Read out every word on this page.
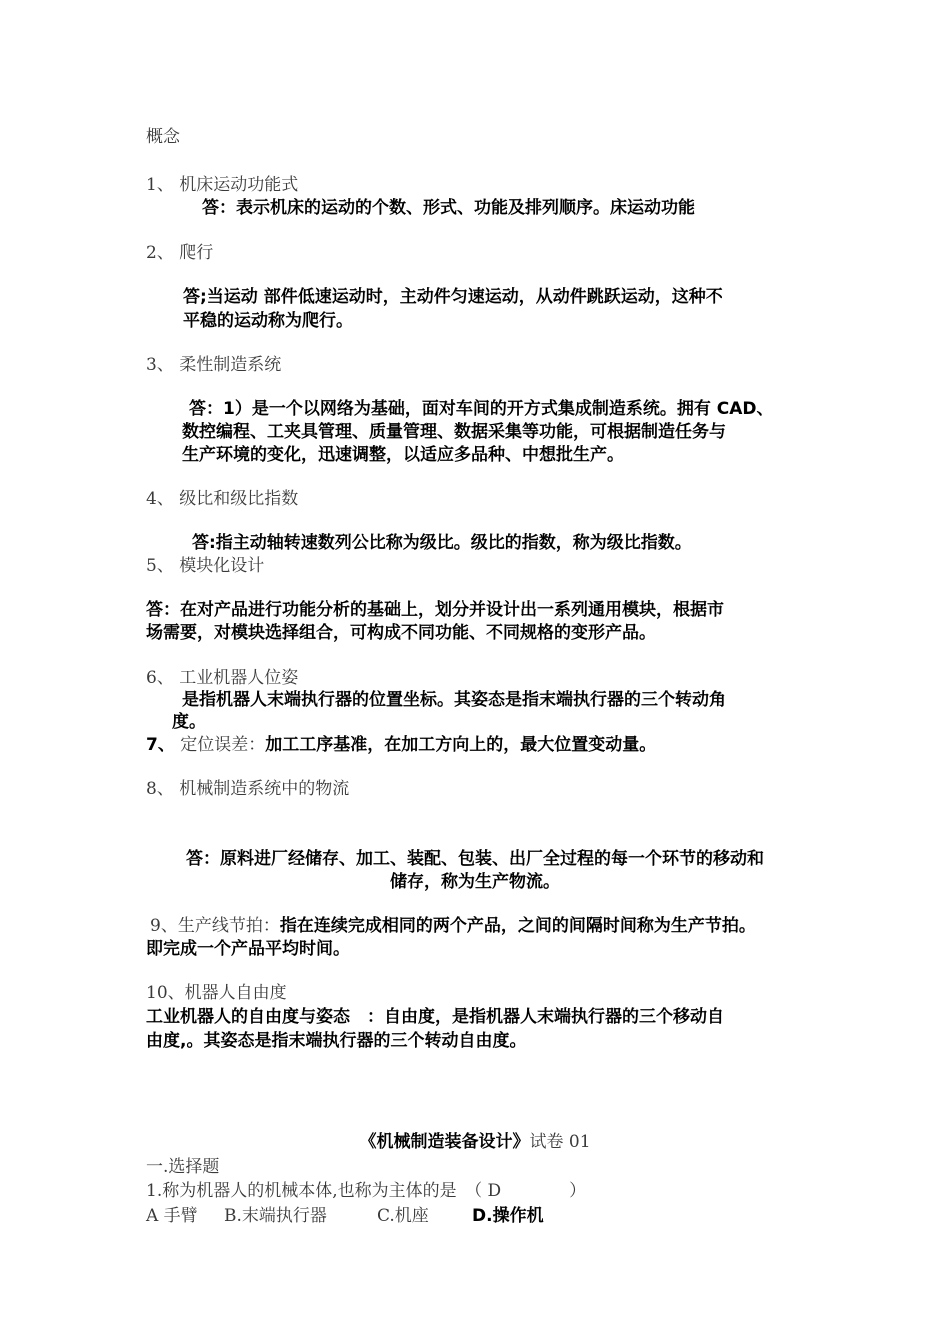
概念
1、 机床运动功能式
答：表示机床的运动的个数、形式、功能及排列顺序。床运动功能
2、 爬行
答;当运动 部件低速运动时，主动件匀速运动，从动件跳跃运动，这种不
平稳的运动称为爬行。
3、 柔性制造系统
答：1）是一个以网络为基础，面对车间的开方式集成制造系统。拥有 CAD、
数控编程、工夹具管理、质量管理、数据采集等功能，可根据制造任务与
生产环境的变化，迅速调整，以适应多品种、中想批生产。
4、 级比和级比指数
答:指主动轴转速数列公比称为级比。级比的指数，称为级比指数。
5、 模块化设计
答：在对产品进行功能分析的基础上，划分并设计出一系列通用模块，根据市
场需要，对模块选择组合，可构成不同功能、不同规格的变形产品。
6、 工业机器人位姿
是指机器人末端执行器的位置坐标。其姿态是指末端执行器的三个转动角
度。
7、 定位误差：加工工序基准，在加工方向上的，最大位置变动量。
8、 机械制造系统中的物流
答：原料进厂经储存、加工、装配、包装、出厂全过程的每一个环节的移动和
储存，称为生产物流。
9、生产线节拍：指在连续完成相同的两个产品，之间的间隔时间称为生产节拍。
即完成一个产品平均时间。
10、机器人自由度
工业机器人的自由度与姿态　：自由度，是指机器人末端执行器的三个移动自
由度,。其姿态是指末端执行器的三个转动自由度。
《机械制造装备设计》试卷 01
一.选择题
1.称为机器人的机械本体,也称为主体的是　（ D　　　　）
A 手臂 B.末端执行器	C.机座	D.操作机
